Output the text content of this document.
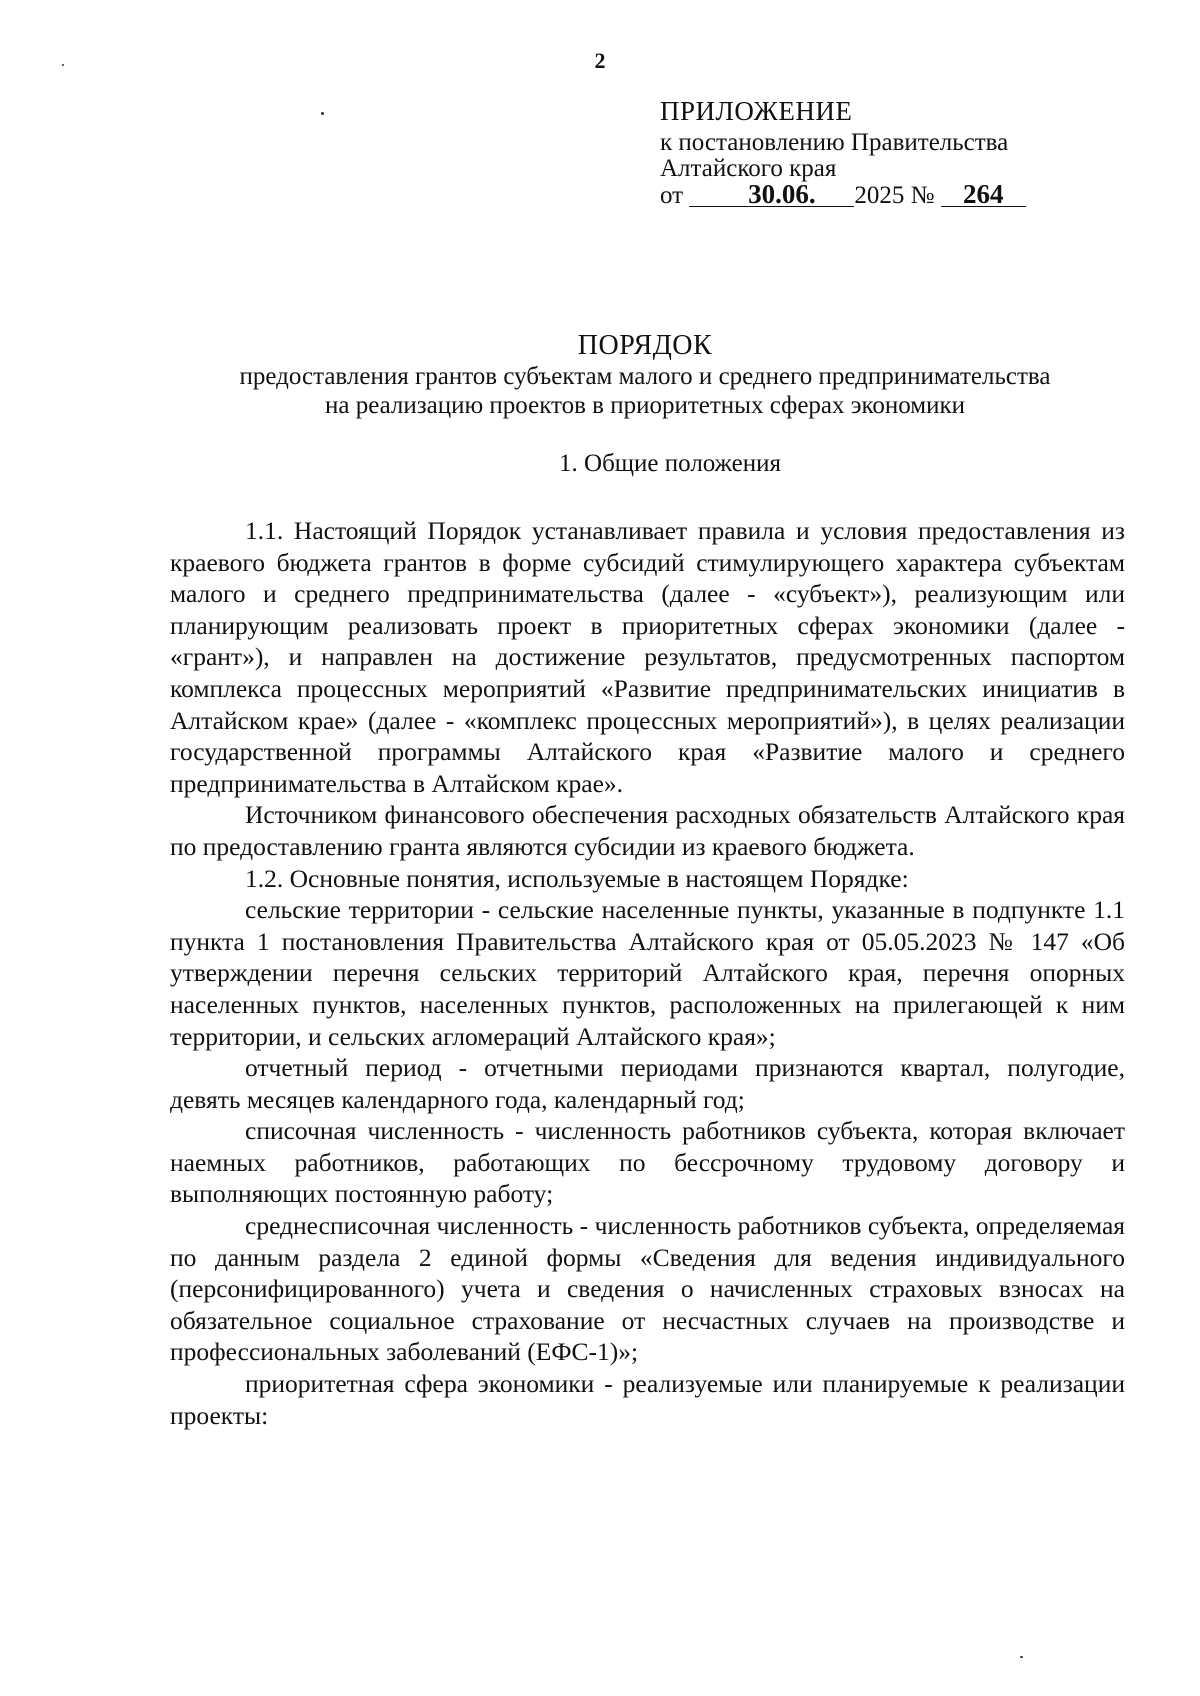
2
ПРИЛОЖЕНИЕ
к постановлению Правительства
Алтайского края
от 30.06. 2025 № 264
ПОРЯДОК
предоставления грантов субъектам малого и среднего предпринимательства
на реализацию проектов в приоритетных сферах экономики
1. Общие положения

1.1. Настоящий Порядок устанавливает правила и условия предоставления из краевого бюджета грантов в форме субсидий стимулирующего характера субъектам малого и среднего предпринимательства (далее - «субъект»), реализующим или планирующим реализовать проект в приоритетных сферах экономики (далее - «грант»), и направлен на достижение результатов, предусмотренных паспортом комплекса процессных мероприятий «Развитие предпринимательских инициатив в Алтайском крае» (далее - «комплекс процессных мероприятий»), в целях реализации государственной программы Алтайского края «Развитие малого и среднего предпринимательства в Алтайском крае».

Источником финансового обеспечения расходных обязательств Алтайского края по предоставлению гранта являются субсидии из краевого бюджета.

1.2. Основные понятия, используемые в настоящем Порядке:

сельские территории - сельские населенные пункты, указанные в подпункте 1.1 пункта 1 постановления Правительства Алтайского края от 05.05.2023 № 147 «Об утверждении перечня сельских территорий Алтайского края, перечня опорных населенных пунктов, населенных пунктов, расположенных на прилегающей к ним территории, и сельских агломераций Алтайского края»;

отчетный период - отчетными периодами признаются квартал, полугодие, девять месяцев календарного года, календарный год;

списочная численность - численность работников субъекта, которая включает наемных работников, работающих по бессрочному трудовому договору и выполняющих постоянную работу;

среднесписочная численность - численность работников субъекта, определяемая по данным раздела 2 единой формы «Сведения для ведения индивидуального (персонифицированного) учета и сведения о начисленных страховых взносах на обязательное социальное страхование от несчастных случаев на производстве и профессиональных заболеваний (ЕФС-1)»;

приоритетная сфера экономики - реализуемые или планируемые к реализации проекты:
